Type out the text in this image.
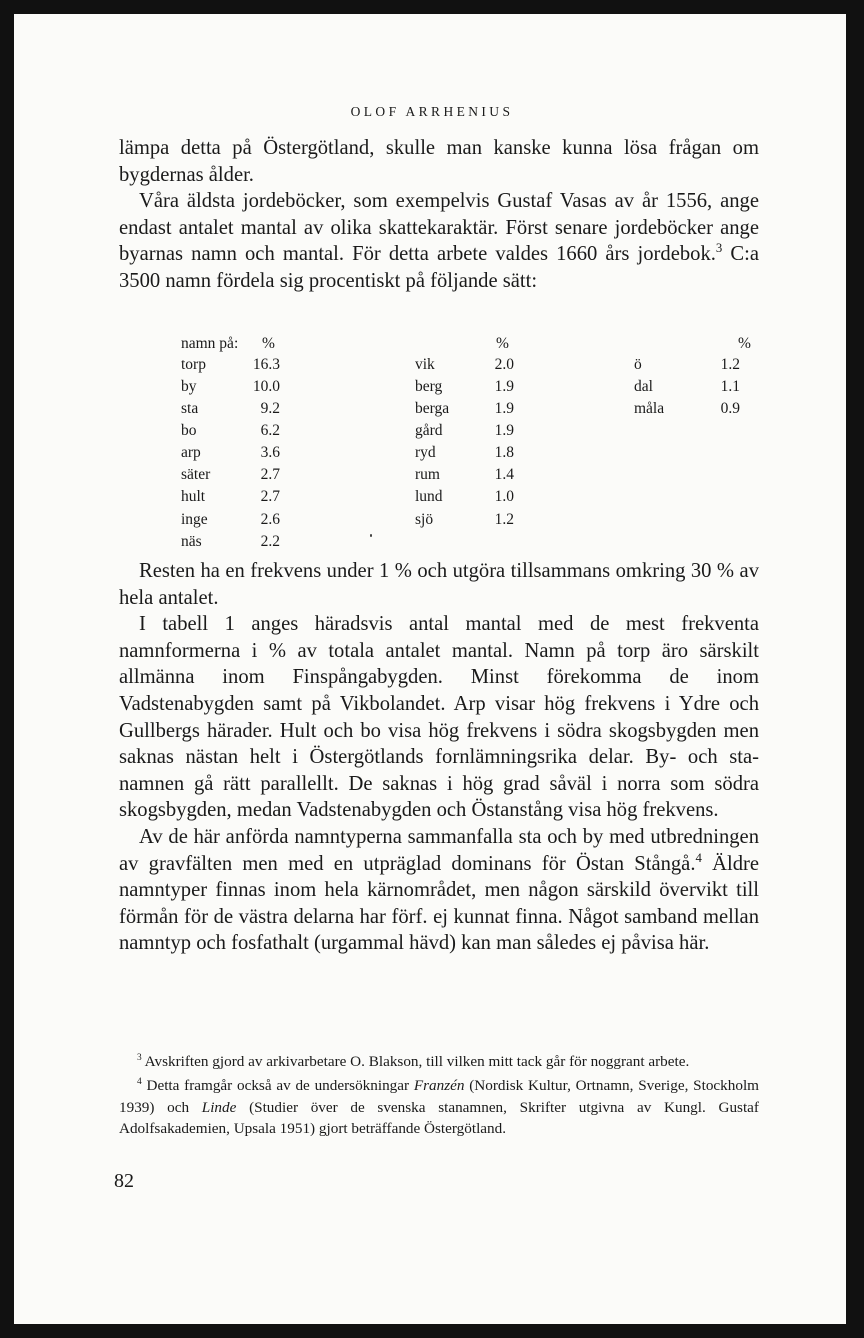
OLOF ARRHENIUS

lämpa detta på Östergötland, skulle man kanske kunna lösa frågan om bygdernas ålder.

Våra äldsta jordeböcker, som exempelvis Gustaf Vasas av år 1556, ange endast antalet mantal av olika skattekaraktär. Först senare jordeböcker ange byarnas namn och mantal. För detta arbete valdes 1660 års jordebok.$^3$ C:a 3500 namn fördela sig procentiskt på följande sätt:

namn på: %	%	%
torp	16.3
by	10.0
sta	9.2
bo	6.2
arp	3.6
säter	2.7
hult	2.7
inge	2.6
näs	2.2
vik	2.0
berg	1.9
berga	1.9
gård	1.9
ryd	1.8
rum	1.4
lund	1.0
sjö	1.2
ö	1.2
dal	1.1
måla	0.9

Resten ha en frekvens under 1 % och utgöra tillsammans omkring 30 % av hela antalet.

I tabell 1 anges häradsvis antal mantal med de mest frekventa namnformerna i % av totala antalet mantal. Namn på torp äro särskilt allmänna inom Finspångabygden. Minst förekomma de inom Vadstenabygden samt på Vikbolandet. Arp visar hög frekvens i Ydre och Gullbergs härader. Hult och bo visa hög frekvens i södra skogsbygden men saknas nästan helt i Östergötlands fornlämningsrika delar. By- och sta-namnen gå rätt parallellt. De saknas i hög grad såväl i norra som södra skogsbygden, medan Vadstenabygden och Östanstång visa hög frekvens.

Av de här anförda namntyperna sammanfalla sta och by med utbredningen av gravfälten men med en utpräglad dominans för Östan Stångå.$^4$ Äldre namntyper finnas inom hela kärnområdet, men någon särskild övervikt till förmån för de västra delarna har förf. ej kunnat finna. Något samband mellan namntyp och fosfathalt (urgammal hävd) kan man således ej påvisa här.

$^3$ Avskriften gjord av arkivarbetare O. Blakson, till vilken mitt tack går för noggrant arbete.

$^4$ Detta framgår också av de undersökningar Franzén (Nordisk Kultur, Ortnamn, Sverige, Stockholm 1939) och Linde (Studier över de svenska stanamnen, Skrifter utgivna av Kungl. Gustaf Adolfsakademien, Upsala 1951) gjort beträffande Östergötland.

82
